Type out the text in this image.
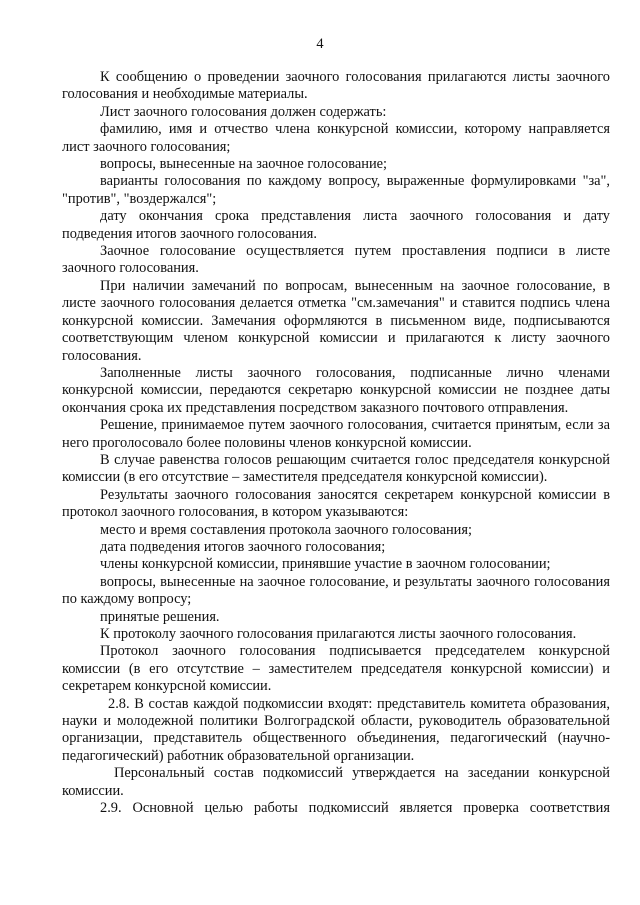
4

К сообщению о проведении заочного голосования прилагаются листы заочного голосования и необходимые материалы.

Лист заочного голосования должен содержать:

фамилию, имя и отчество члена конкурсной комиссии, которому направляется лист заочного голосования;

вопросы, вынесенные на заочное голосование;

варианты голосования по каждому вопросу, выраженные формулировками "за", "против", "воздержался";

дату окончания срока представления листа заочного голосования и дату подведения итогов заочного голосования.

Заочное голосование осуществляется путем проставления подписи в листе заочного голосования.

При наличии замечаний по вопросам, вынесенным на заочное голосование, в листе заочного голосования делается отметка "см.замечания" и ставится подпись члена конкурсной комиссии. Замечания оформляются в письменном виде, подписываются соответствующим членом конкурсной комиссии и прилагаются к листу заочного голосования.

Заполненные листы заочного голосования, подписанные лично членами конкурсной комиссии, передаются секретарю конкурсной комиссии не позднее даты окончания срока их представления посредством заказного почтового отправления.

Решение, принимаемое путем заочного голосования, считается принятым, если за него проголосовало более половины членов конкурсной комиссии.

В случае равенства голосов решающим считается голос председателя конкурсной комиссии (в его отсутствие – заместителя председателя конкурсной комиссии).

Результаты заочного голосования заносятся секретарем конкурсной комиссии в протокол заочного голосования, в котором указываются:

место и время составления протокола заочного голосования;

дата подведения итогов заочного голосования;

члены конкурсной комиссии, принявшие участие в заочном голосовании;

вопросы, вынесенные на заочное голосование, и результаты заочного голосования по каждому вопросу;

принятые решения.

К протоколу заочного голосования прилагаются листы заочного голосования.

Протокол заочного голосования подписывается председателем конкурсной комиссии (в его отсутствие – заместителем председателя конкурсной комиссии) и секретарем конкурсной комиссии.

2.8. В состав каждой подкомиссии входят: представитель комитета образования, науки и молодежной политики Волгоградской области, руководитель образовательной организации, представитель общественного объединения, педагогический (научно-педагогический) работник образовательной организации.

Персональный состав подкомиссий утверждается на заседании конкурсной комиссии.

2.9. Основной целью работы подкомиссий является проверка соответствия
